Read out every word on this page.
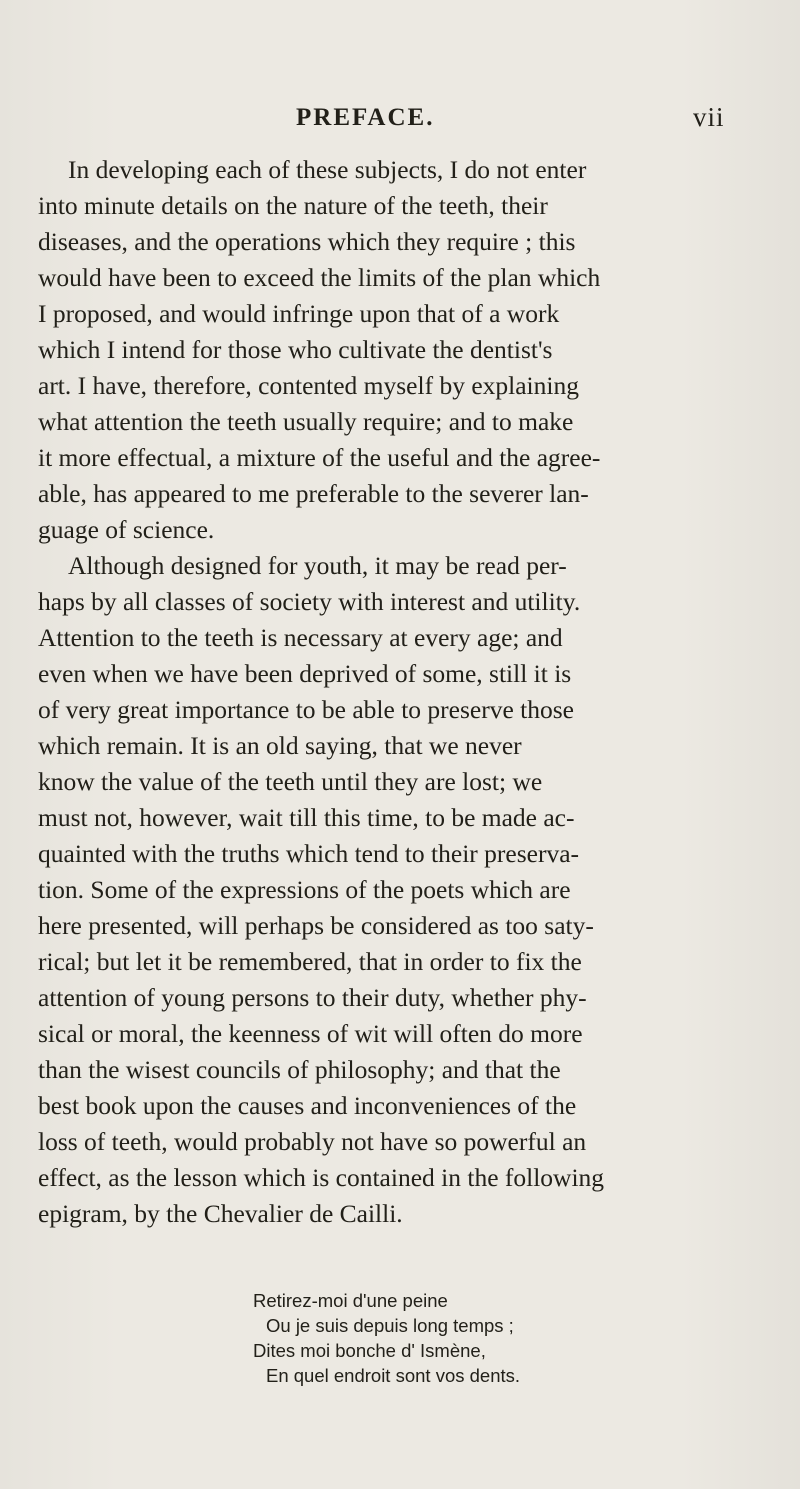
PREFACE.	vii
In developing each of these subjects, I do not enter
into minute details on the nature of the teeth, their
diseases, and the operations which they require ; this
would have been to exceed the limits of the plan which
I proposed, and would infringe upon that of a work
which I intend for those who cultivate the dentist's
art. I have, therefore, contented myself by explaining
what attention the teeth usually require; and to make
it more effectual, a mixture of the useful and the agree-
able, has appeared to me preferable to the severer lan-
guage of science.
Although designed for youth, it may be read per-
haps by all classes of society with interest and utility.
Attention to the teeth is necessary at every age; and
even when we have been deprived of some, still it is
of very great importance to be able to preserve those
which remain. It is an old saying, that we never
know the value of the teeth until they are lost; we
must not, however, wait till this time, to be made ac-
quainted with the truths which tend to their preserva-
tion. Some of the expressions of the poets which are
here presented, will perhaps be considered as too saty-
rical; but let it be remembered, that in order to fix the
attention of young persons to their duty, whether phy-
sical or moral, the keenness of wit will often do more
than the wisest councils of philosophy; and that the
best book upon the causes and inconveniences of the
loss of teeth, would probably not have so powerful an
effect, as the lesson which is contained in the following
epigram, by the Chevalier de Cailli.
Retirez-moi d'une peine
Ou je suis depuis long temps ;
Dites moi bonche d' Ismène,
En quel endroit sont vos dents.
